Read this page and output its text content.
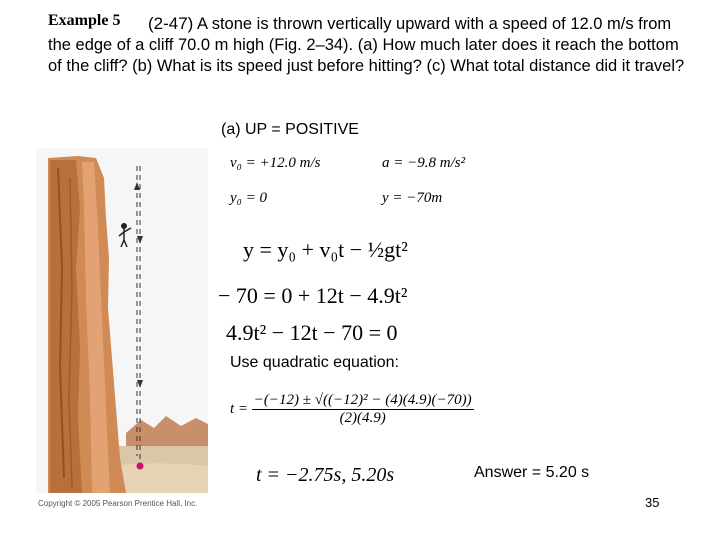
Example 5	(2-47) A stone is thrown vertically upward with a speed of 12.0 m/s from the edge of a cliff 70.0 m high (Fig. 2–34). (a) How much later does it reach the bottom of the cliff? (b) What is its speed just before hitting? (c) What total distance did it travel?
(a) UP = POSITIVE
Copyright © 2005 Pearson Prentice Hall, Inc.
v₀ = +12.0 m/s	a = −9.8 m/s²
y₀ = 0	y = −70m
y = y₀ + v₀t − ½gt²
− 70 = 0 + 12t − 4.9t²
4.9t² − 12t − 70 = 0
Use quadratic equation:
$t = \frac{\text{−(−12) ± √((−12)² − (4)(4.9)(−70))}}{(2)(4.9)}$
t = −2.75s, 5.20s	Answer = 5.20 s
35
